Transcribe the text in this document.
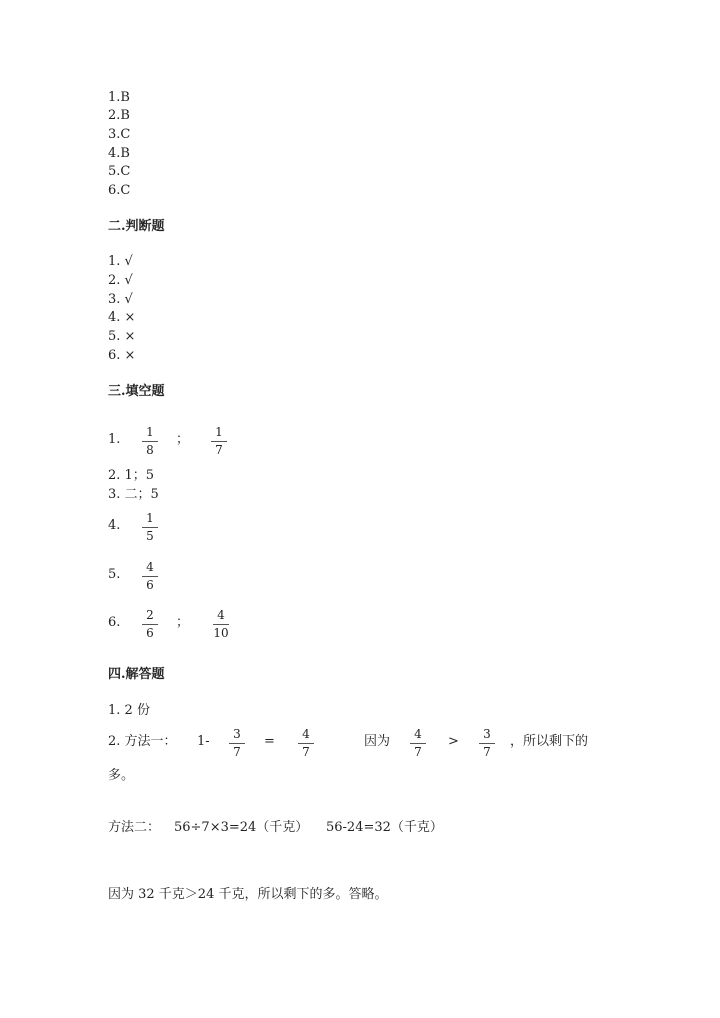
1.B
2.B
3.C
4.B
5.C
6.C
二.判断题
1. √
2. √
3. √
4. ×
5. ×
6. ×
三.填空题
1.	1
8
；	1
7
2. 1；5
3. 二；5
4.	1
5
5.	4
6
6.	2
6
；	4
10
四.解答题
1. 2 份
2. 方法一： 1-	3
7
=	4
7
因为	4
7
>	3
7
，所以剩下的
多。
方法二： 56÷7×3=24（千克） 56-24=32（千克）
因为 32 千克＞24 千克，所以剩下的多。答略。
